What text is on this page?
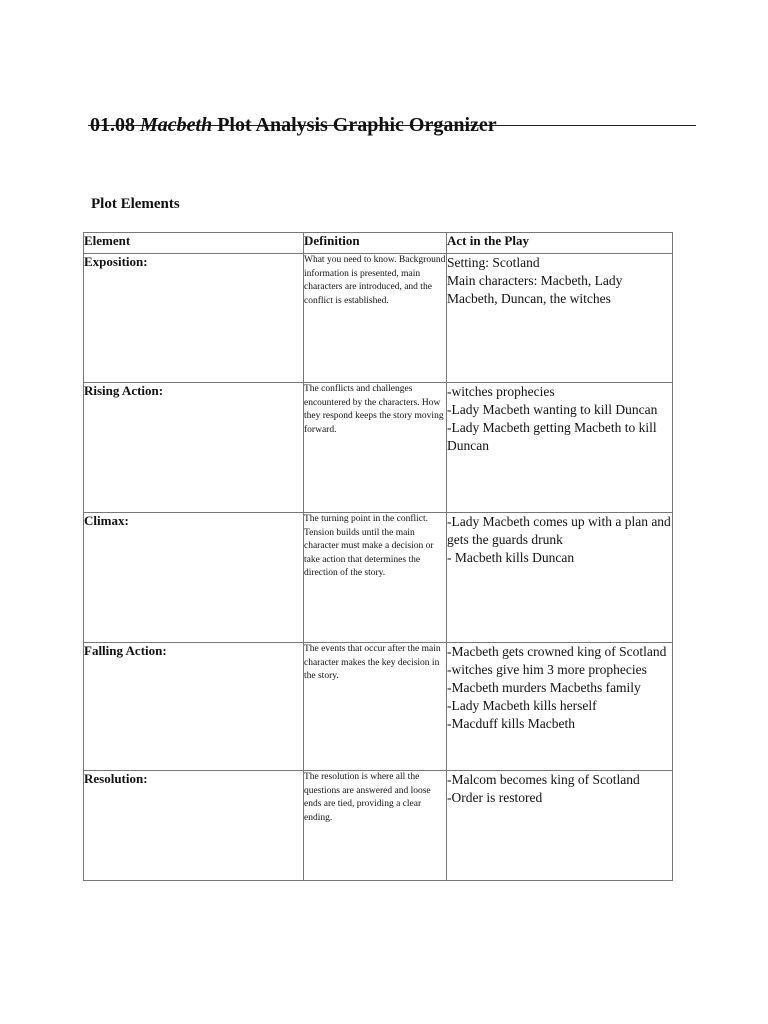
01.08 Macbeth Plot Analysis Graphic Organizer
Plot Elements
Element	Definition	Act in the Play
Exposition:	What you need to know. Background information is presented, main characters are introduced, and the conflict is established.	Setting: Scotland
Main characters: Macbeth, Lady Macbeth, Duncan, the witches

Rising Action:	The conflicts and challenges encountered by the characters. How they respond keeps the story moving forward.	-witches prophecies
-Lady Macbeth wanting to kill Duncan
-Lady Macbeth getting Macbeth to kill Duncan

Climax:	The turning point in the conflict. Tension builds until the main character must make a decision or take action that determines the direction of the story.	-Lady Macbeth comes up with a plan and gets the guards drunk
- Macbeth kills Duncan

Falling Action:	The events that occur after the main character makes the key decision in the story.	-Macbeth gets crowned king of Scotland
-witches give him 3 more prophecies
-Macbeth murders Macbeths family
-Lady Macbeth kills herself
-Macduff kills Macbeth

Resolution:	The resolution is where all the questions are answered and loose ends are tied, providing a clear ending.	-Malcom becomes king of Scotland
-Order is restored
